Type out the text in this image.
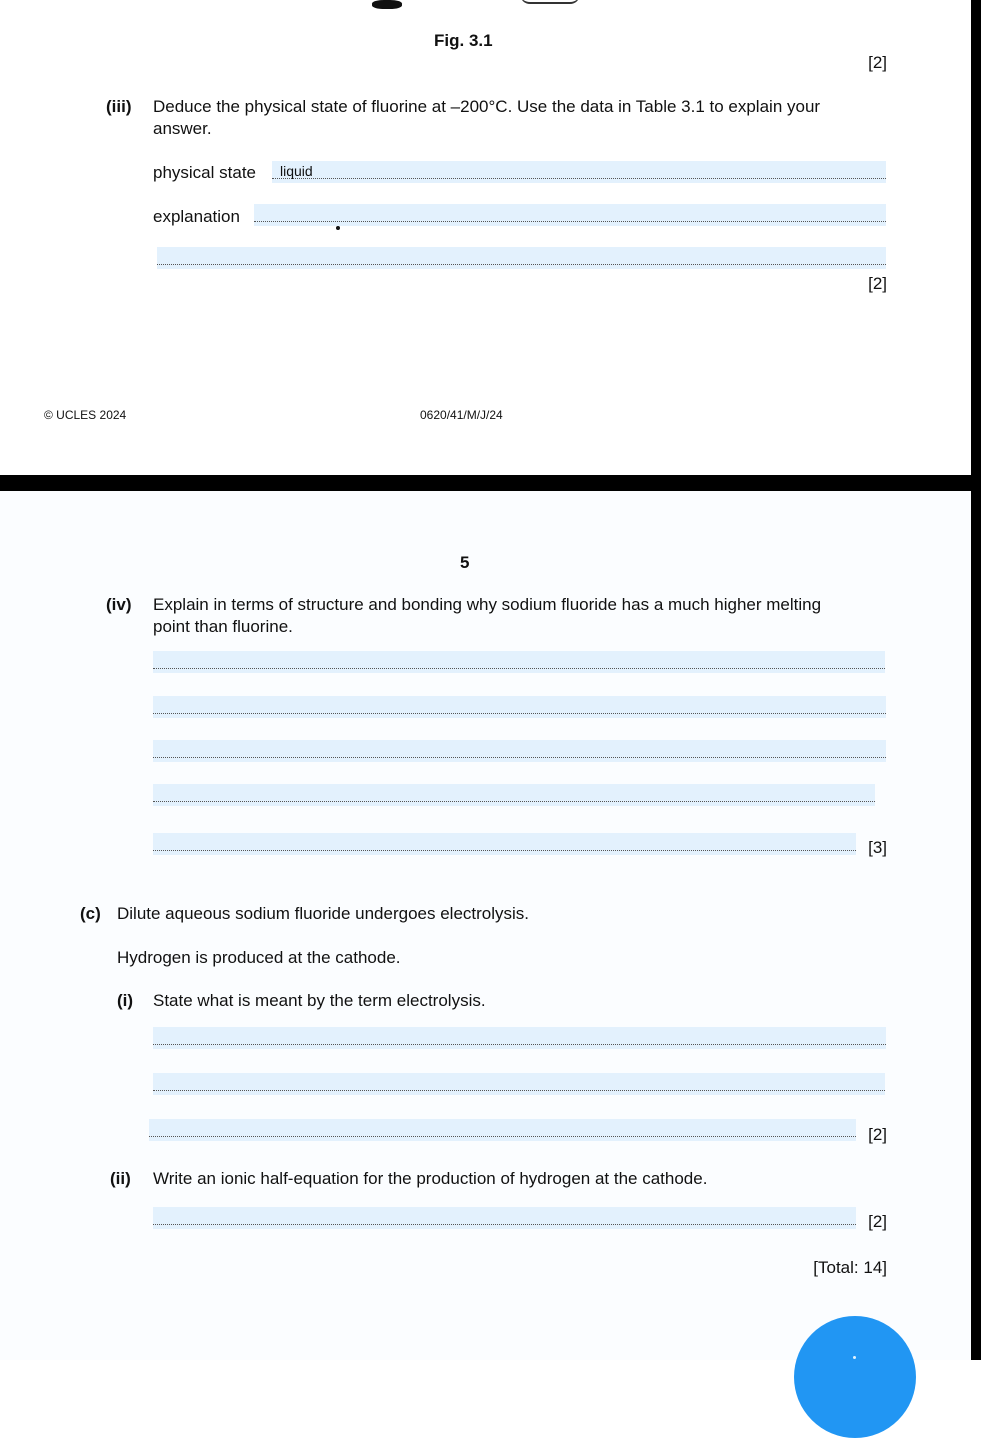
Fig. 3.1
[2]
(iii) Deduce the physical state of fluorine at –200°C. Use the data in Table 3.1 to explain your
answer.
physical state liquid
explanation
[2]
© UCLES 2024	0620/41/M/J/24
5
(iv) Explain in terms of structure and bonding why sodium fluoride has a much higher melting
point than fluorine.
[3]
(c) Dilute aqueous sodium fluoride undergoes electrolysis.
Hydrogen is produced at the cathode.
(i) State what is meant by the term electrolysis.
[2]
(ii) Write an ionic half-equation for the production of hydrogen at the cathode.
[2]
[Total: 14]
